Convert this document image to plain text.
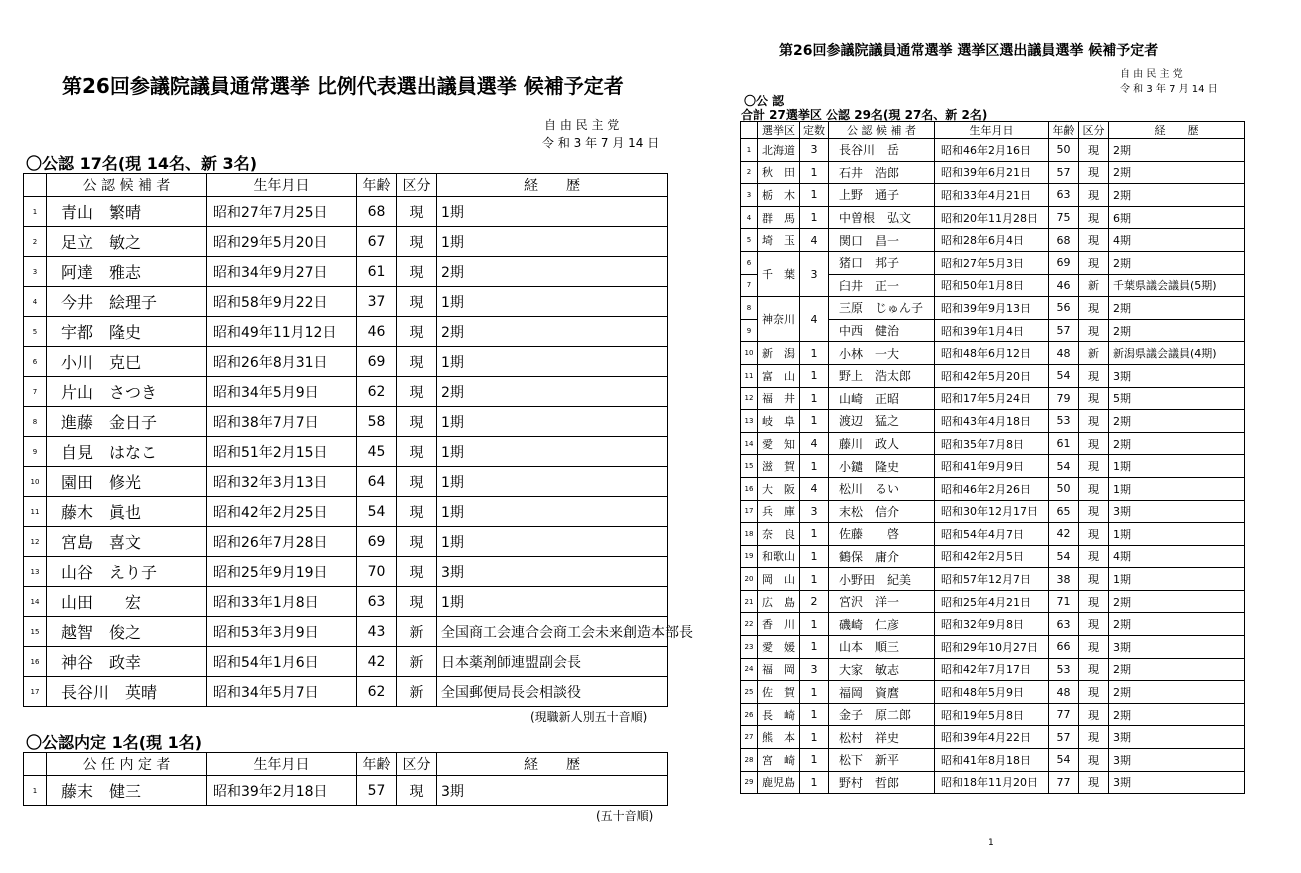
第26回参議院議員通常選挙 比例代表選出議員選挙 候補予定者
自 由 民 主 党
令 和 3 年 7 月 14 日
〇公認 17名(現 14名、新 3名)
	公 認 候 補 者	生年月日	年齢	区分	経　　歴
1	青山　繁晴	昭和27年7月25日	68	現	1期
2	足立　敏之	昭和29年5月20日	67	現	1期
3	阿達　雅志	昭和34年9月27日	61	現	2期
4	今井　絵理子	昭和58年9月22日	37	現	1期
5	宇都　隆史	昭和49年11月12日	46	現	2期
6	小川　克巳	昭和26年8月31日	69	現	1期
7	片山　さつき	昭和34年5月9日	62	現	2期
8	進藤　金日子	昭和38年7月7日	58	現	1期
9	自見　はなこ	昭和51年2月15日	45	現	1期
10	園田　修光	昭和32年3月13日	64	現	1期
11	藤木　眞也	昭和42年2月25日	54	現	1期
12	宮島　喜文	昭和26年7月28日	69	現	1期
13	山谷　えり子	昭和25年9月19日	70	現	3期
14	山田　　宏	昭和33年1月8日	63	現	1期
15	越智　俊之	昭和53年3月9日	43	新	全国商工会連合会商工会未来創造本部長
16	神谷　政幸	昭和54年1月6日	42	新	日本薬剤師連盟副会長
17	長谷川　英晴	昭和34年5月7日	62	新	全国郵便局長会相談役
(現職新人別五十音順)
〇公認内定 1名(現 1名)
	公 任 内 定 者	生年月日	年齢	区分	経　　歴
1	藤末　健三	昭和39年2月18日	57	現	3期
(五十音順)
第26回参議院議員通常選挙 選挙区選出議員選挙 候補予定者
自 由 民 主 党
令 和 3 年 7 月 14 日
〇公 認
合計 27選挙区 公認 29名(現 27名、新 2名)
	選挙区	定数	公 認 候 補 者	生年月日	年齢	区分	経　　歴
1	北海道	3	長谷川　岳	昭和46年2月16日	50	現	2期
2	秋　田	1	石井　浩郎	昭和39年6月21日	57	現	2期
3	栃　木	1	上野　通子	昭和33年4月21日	63	現	2期
4	群　馬	1	中曽根　弘文	昭和20年11月28日	75	現	6期
5	埼　玉	4	関口　昌一	昭和28年6月4日	68	現	4期
6	千　葉	3	猪口　邦子	昭和27年5月3日	69	現	2期
7			臼井　正一	昭和50年1月8日	46	新	千葉県議会議員(5期)
8	神奈川	4	三原　じゅん子	昭和39年9月13日	56	現	2期
9			中西　健治	昭和39年1月4日	57	現	2期
10	新　潟	1	小林　一大	昭和48年6月12日	48	新	新潟県議会議員(4期)
11	富　山	1	野上　浩太郎	昭和42年5月20日	54	現	3期
12	福　井	1	山崎　正昭	昭和17年5月24日	79	現	5期
13	岐　阜	1	渡辺　猛之	昭和43年4月18日	53	現	2期
14	愛　知	4	藤川　政人	昭和35年7月8日	61	現	2期
15	滋　賀	1	小鑓　隆史	昭和41年9月9日	54	現	1期
16	大　阪	4	松川　るい	昭和46年2月26日	50	現	1期
17	兵　庫	3	末松　信介	昭和30年12月17日	65	現	3期
18	奈　良	1	佐藤　　啓	昭和54年4月7日	42	現	1期
19	和歌山	1	鶴保　庸介	昭和42年2月5日	54	現	4期
20	岡　山	1	小野田　紀美	昭和57年12月7日	38	現	1期
21	広　島	2	宮沢　洋一	昭和25年4月21日	71	現	2期
22	香　川	1	磯崎　仁彦	昭和32年9月8日	63	現	2期
23	愛　媛	1	山本　順三	昭和29年10月27日	66	現	3期
24	福　岡	3	大家　敏志	昭和42年7月17日	53	現	2期
25	佐　賀	1	福岡　資麿	昭和48年5月9日	48	現	2期
26	長　崎	1	金子　原二郎	昭和19年5月8日	77	現	2期
27	熊　本	1	松村　祥史	昭和39年4月22日	57	現	3期
28	宮　崎	1	松下　新平	昭和41年8月18日	54	現	3期
29	鹿児島	1	野村　哲郎	昭和18年11月20日	77	現	3期
1
